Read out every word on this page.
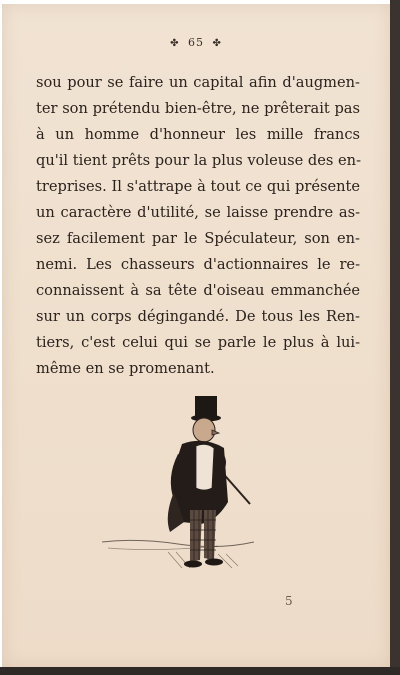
✤ 65 ✤
sou pour se faire un capital afin d'augmen-
ter son prétendu bien-être, ne prêterait pas
à un homme d'honneur les mille francs
qu'il tient prêts pour la plus voleuse des en-
treprises. Il s'attrape à tout ce qui présente
un caractère d'utilité, se laisse prendre as-
sez facilement par le Spéculateur, son en-
nemi. Les chasseurs d'actionnaires le re-
connaissent à sa tête d'oiseau emmanchée
sur un corps dégingandé. De tous les Ren-
tiers, c'est celui qui se parle le plus à lui-
même en se promenant.
5
